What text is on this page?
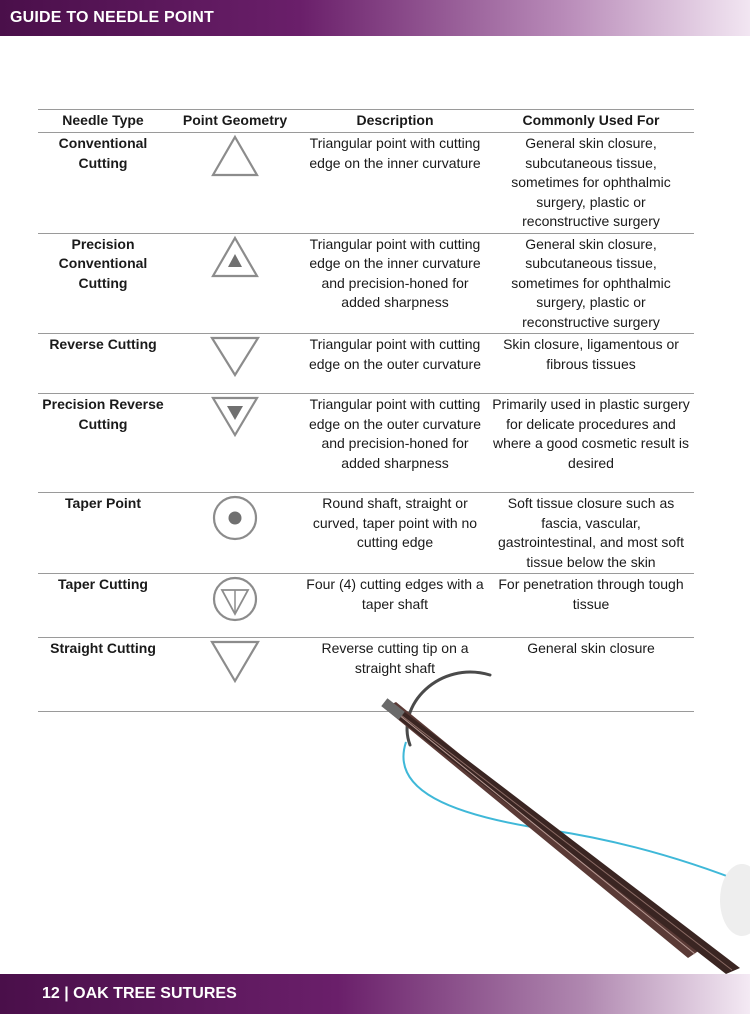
GUIDE TO NEEDLE POINT
Needle Type	Point Geometry	Description	Commonly Used For
Conventional Cutting		Triangular point with cutting edge on the inner curvature	General skin closure, subcutaneous tissue, sometimes for ophthalmic surgery, plastic or reconstructive surgery
Precision Conventional Cutting		Triangular point with cutting edge on the inner curvature and precision-honed for added sharpness	General skin closure, subcutaneous tissue, sometimes for ophthalmic surgery, plastic or reconstructive surgery
Reverse Cutting		Triangular point with cutting edge on the outer curvature	Skin closure, ligamentous or fibrous tissues
Precision Reverse Cutting		Triangular point with cutting edge on the outer curvature and precision-honed for added sharpness	Primarily used in plastic surgery for delicate procedures and where a good cosmetic result is desired
Taper Point		Round shaft, straight or curved, taper point with no cutting edge	Soft tissue closure such as fascia, vascular, gastrointestinal, and most soft tissue below the skin
Taper Cutting		Four (4) cutting edges with a taper shaft	For penetration through tough tissue
Straight Cutting		Reverse cutting tip on a straight shaft	General skin closure
12 | OAK TREE SUTURES
